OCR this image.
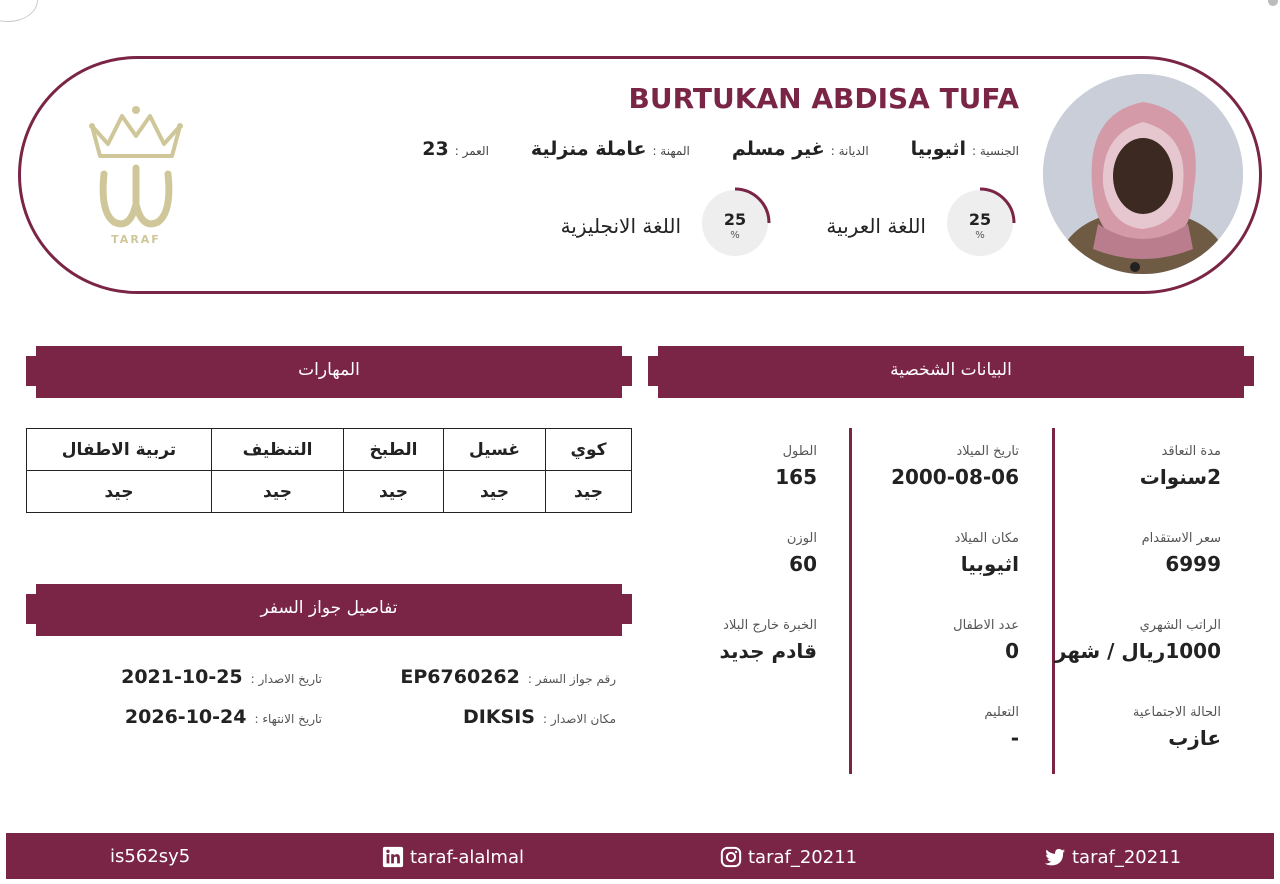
BURTUKAN ABDISA TUFA
الجنسية :
اثيوبيا
الديانة :
غير مسلم
المهنة :
عاملة منزلية
العمر :
23
25
%
اللغة العربية
25
%
اللغة الانجليزية
TARAF
المهارات	البيانات الشخصية
تفاصيل جواز السفر
كوي	غسيل	الطبخ	التنظيف	تربية الاطفال
جيد	جيد	جيد	جيد	جيد
رقم جواز السفر :
EP6760262
تاريخ الاصدار :
2021-10-25
مكان الاصدار :
DIKSIS
تاريخ الانتهاء :
2026-10-24
مدة التعاقد
2سنوات
سعر الاستقدام
6999
الراتب الشهري
1000ريال / شهر
الحالة الاجتماعية
عازب
تاريخ الميلاد
2000-08-06
مكان الميلاد
اثيوبيا
عدد الاطفال
0
التعليم
-
الطول
165
الوزن
60
الخبرة خارج البلاد
قادم جديد
is562sy5	taraf-alalmal	taraf_20211	taraf_20211
